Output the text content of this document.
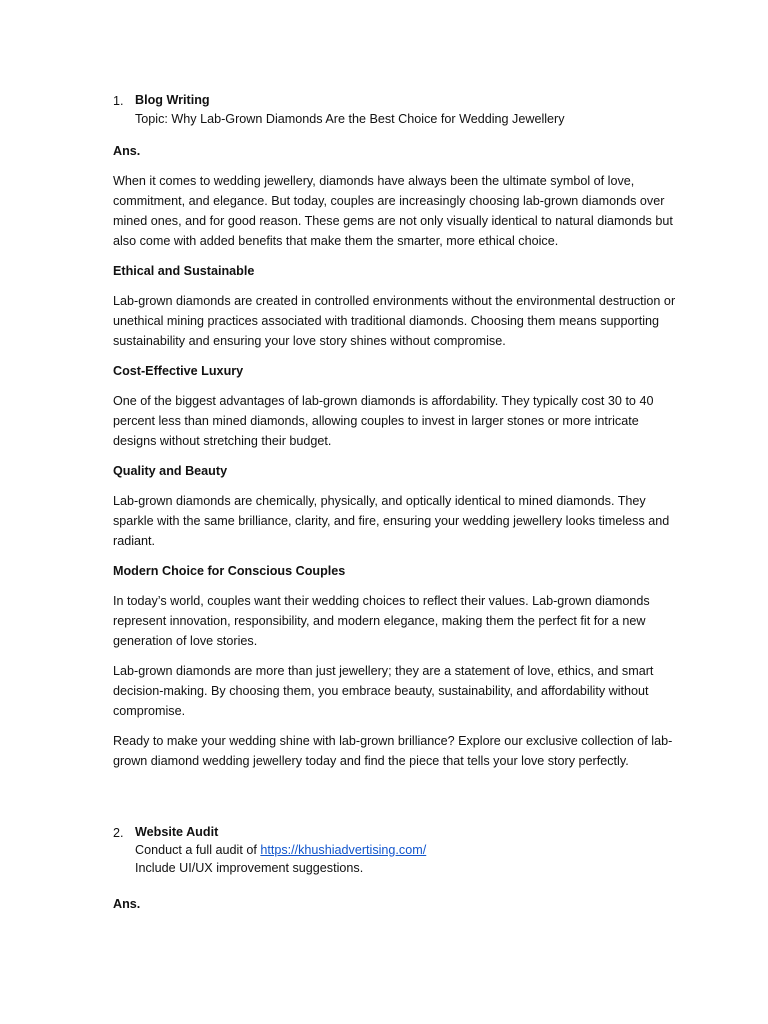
1. Blog Writing
Topic: Why Lab-Grown Diamonds Are the Best Choice for Wedding Jewellery
Ans.

When it comes to wedding jewellery, diamonds have always been the ultimate symbol of love, commitment, and elegance. But today, couples are increasingly choosing lab-grown diamonds over mined ones, and for good reason. These gems are not only visually identical to natural diamonds but also come with added benefits that make them the smarter, more ethical choice.

Ethical and Sustainable

Lab-grown diamonds are created in controlled environments without the environmental destruction or unethical mining practices associated with traditional diamonds. Choosing them means supporting sustainability and ensuring your love story shines without compromise.

Cost-Effective Luxury

One of the biggest advantages of lab-grown diamonds is affordability. They typically cost 30 to 40 percent less than mined diamonds, allowing couples to invest in larger stones or more intricate designs without stretching their budget.

Quality and Beauty

Lab-grown diamonds are chemically, physically, and optically identical to mined diamonds. They sparkle with the same brilliance, clarity, and fire, ensuring your wedding jewellery looks timeless and radiant.

Modern Choice for Conscious Couples

In today’s world, couples want their wedding choices to reflect their values. Lab-grown diamonds represent innovation, responsibility, and modern elegance, making them the perfect fit for a new generation of love stories.

Lab-grown diamonds are more than just jewellery; they are a statement of love, ethics, and smart decision-making. By choosing them, you embrace beauty, sustainability, and affordability without compromise.

Ready to make your wedding shine with lab-grown brilliance? Explore our exclusive collection of lab-grown diamond wedding jewellery today and find the piece that tells your love story perfectly.

2. Website Audit
Conduct a full audit of https://khushiadvertising.com/
Include UI/UX improvement suggestions.
Ans.
